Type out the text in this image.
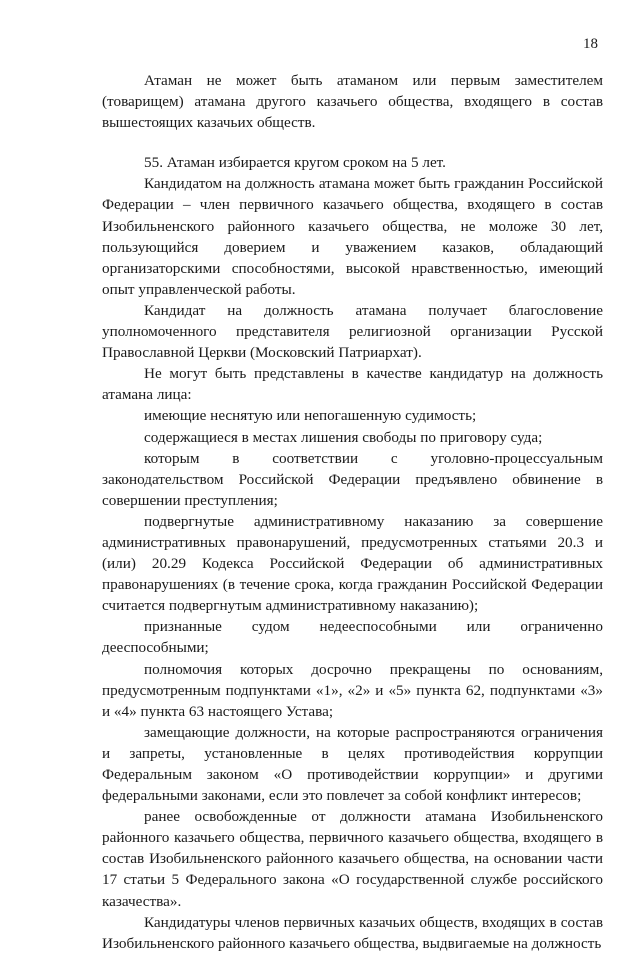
18

Атаман не может быть атаманом или первым заместителем (товарищем) атамана другого казачьего общества, входящего в состав вышестоящих казачьих обществ.

55. Атаман избирается кругом сроком на 5 лет.

Кандидатом на должность атамана может быть гражданин Российской Федерации – член первичного казачьего общества, входящего в состав Изобильненского районного казачьего общества, не моложе 30 лет, пользующийся доверием и уважением казаков, обладающий организаторскими способностями, высокой нравственностью, имеющий опыт управленческой работы.

Кандидат на должность атамана получает благословение уполномоченного представителя религиозной организации Русской Православной Церкви (Московский Патриархат).

Не могут быть представлены в качестве кандидатур на должность атамана лица:

имеющие неснятую или непогашенную судимость;

содержащиеся в местах лишения свободы по приговору суда;

которым в соответствии с уголовно-процессуальным законодательством Российской Федерации предъявлено обвинение в совершении преступления;

подвергнутые административному наказанию за совершение административных правонарушений, предусмотренных статьями 20.3 и (или) 20.29 Кодекса Российской Федерации об административных правонарушениях (в течение срока, когда гражданин Российской Федерации считается подвергнутым административному наказанию);

признанные судом недееспособными или ограниченно дееспособными;

полномочия которых досрочно прекращены по основаниям, предусмотренным подпунктами «1», «2» и «5» пункта 62, подпунктами «3» и «4» пункта 63 настоящего Устава;

замещающие должности, на которые распространяются ограничения и запреты, установленные в целях противодействия коррупции Федеральным законом «О противодействии коррупции» и другими федеральными законами, если это повлечет за собой конфликт интересов;

ранее освобожденные от должности атамана Изобильненского районного казачьего общества, первичного казачьего общества, входящего в состав Изобильненского районного казачьего общества, на основании части 17 статьи 5 Федерального закона «О государственной службе российского казачества».

Кандидатуры членов первичных казачьих обществ, входящих в состав Изобильненского районного казачьего общества, выдвигаемые на должность
